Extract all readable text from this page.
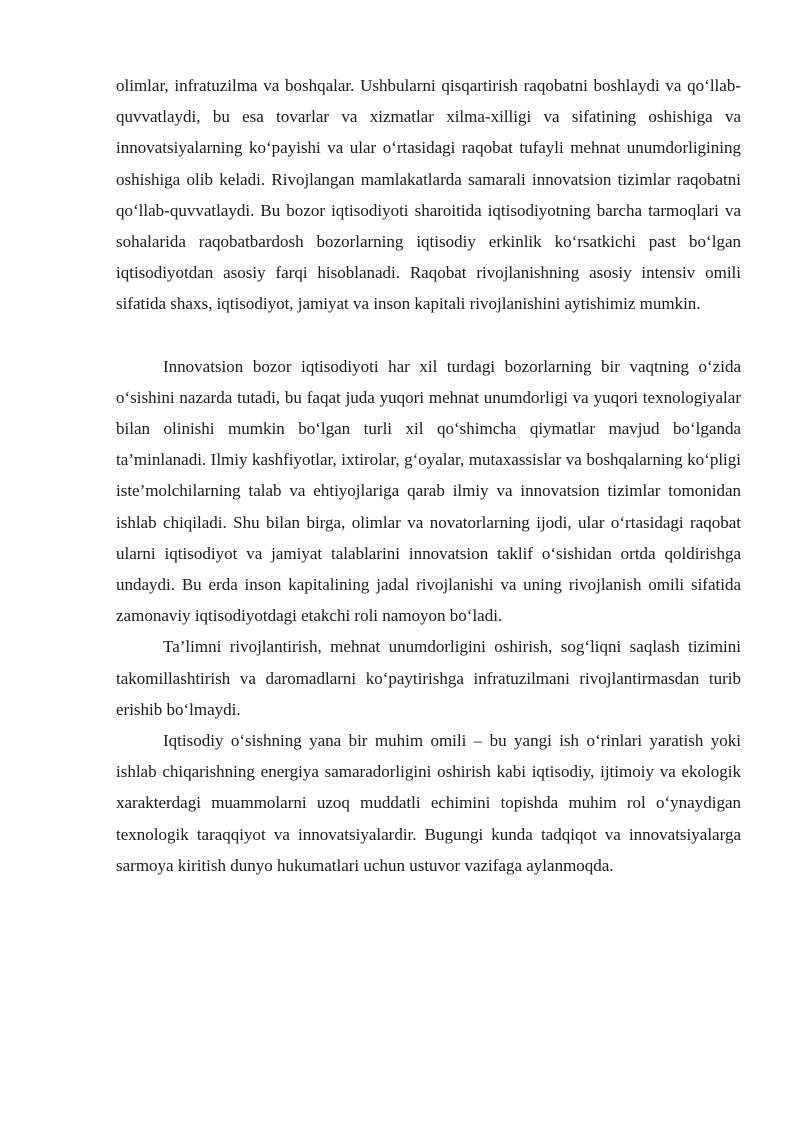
olimlar, infratuzilma va boshqalar. Ushbularni qisqartirish raqobatni boshlaydi va qo‘llab-quvvatlaydi, bu esa tovarlar va xizmatlar xilma-xilligi va sifatining oshishiga va innovatsiyalarning ko‘payishi va ular o‘rtasidagi raqobat tufayli mehnat unumdorligining oshishiga olib keladi. Rivojlangan mamlakatlarda samarali innovatsion tizimlar raqobatni qo‘llab-quvvatlaydi. Bu bozor iqtisodiyoti sharoitida iqtisodiyotning barcha tarmoqlari va sohalarida raqobatbardosh bozorlarning iqtisodiy erkinlik ko‘rsatkichi past bo‘lgan iqtisodiyotdan asosiy farqi hisoblanadi. Raqobat rivojlanishning asosiy intensiv omili sifatida shaxs, iqtisodiyot, jamiyat va inson kapitali rivojlanishini aytishimiz mumkin.

Innovatsion bozor iqtisodiyoti har xil turdagi bozorlarning bir vaqtning o‘zida o‘sishini nazarda tutadi, bu faqat juda yuqori mehnat unumdorligi va yuqori texnologiyalar bilan olinishi mumkin bo‘lgan turli xil qo‘shimcha qiymatlar mavjud bo‘lganda ta’minlanadi. Ilmiy kashfiyotlar, ixtirolar, g‘oyalar, mutaxassislar va boshqalarning ko‘pligi iste’molchilarning talab va ehtiyojlariga qarab ilmiy va innovatsion tizimlar tomonidan ishlab chiqiladi. Shu bilan birga, olimlar va novatorlarning ijodi, ular o‘rtasidagi raqobat ularni iqtisodiyot va jamiyat talablarini innovatsion taklif o‘sishidan ortda qoldirishga undaydi. Bu erda inson kapitalining jadal rivojlanishi va uning rivojlanish omili sifatida zamonaviy iqtisodiyotdagi etakchi roli namoyon bo‘ladi.

Ta’limni rivojlantirish, mehnat unumdorligini oshirish, sog‘liqni saqlash tizimini takomillashtirish va daromadlarni ko‘paytirishga infratuzilmani rivojlantirmasdan turib erishib bo‘lmaydi.

Iqtisodiy o‘sishning yana bir muhim omili – bu yangi ish o‘rinlari yaratish yoki ishlab chiqarishning energiya samaradorligini oshirish kabi iqtisodiy, ijtimoiy va ekologik xarakterdagi muammolarni uzoq muddatli echimini topishda muhim rol o‘ynaydigan texnologik taraqqiyot va innovatsiyalardir. Bugungi kunda tadqiqot va innovatsiyalarga sarmoya kiritish dunyo hukumatlari uchun ustuvor vazifaga aylanmoqda.
